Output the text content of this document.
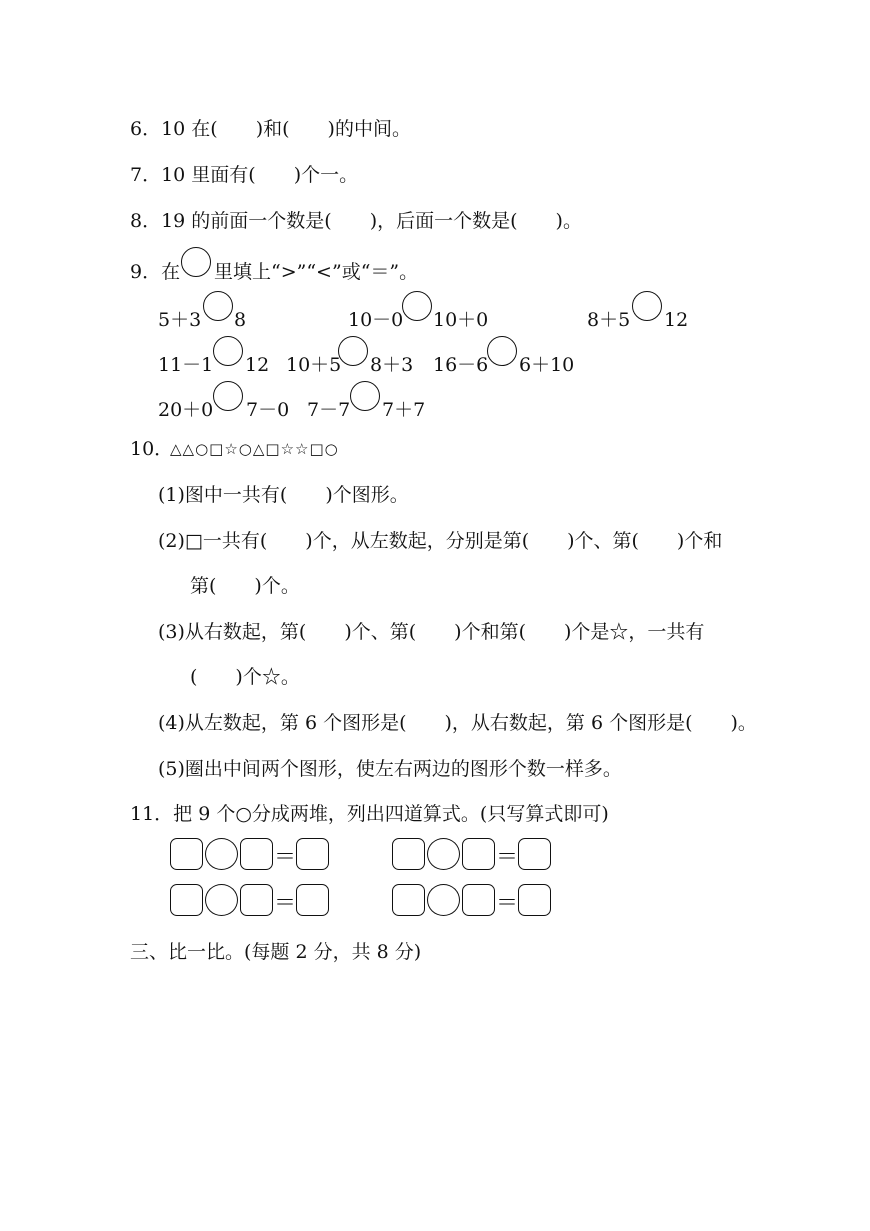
6．10 在(　　)和(　　)的中间。
7．10 里面有(　　)个一。
8．19 的前面一个数是(　　)，后面一个数是(　　)。
9．在 里填上“>”“<”或“＝”。
5＋3 8	10－0 10＋0	8＋5 12
11－1 12 10＋5 8＋3 16－6 6＋10
20＋0 7－0 7－7 7＋7
10．
△△○□☆○△□☆☆□○
(1)图中一共有(　　)个图形。
(2)□一共有(　　)个，从左数起，分别是第(　　)个、第(　　)个和
第(　　)个。
(3)从右数起，第(　　)个、第(　　)个和第(　　)个是☆，一共有
(　　)个☆。
(4)从左数起，第 6 个图形是(　　)，从右数起，第 6 个图形是(　　)。
(5)圈出中间两个图形，使左右两边的图形个数一样多。
11．把 9 个○分成两堆，列出四道算式。(只写算式即可)
＝
＝
＝
＝
三、比一比。(每题 2 分，共 8 分)
